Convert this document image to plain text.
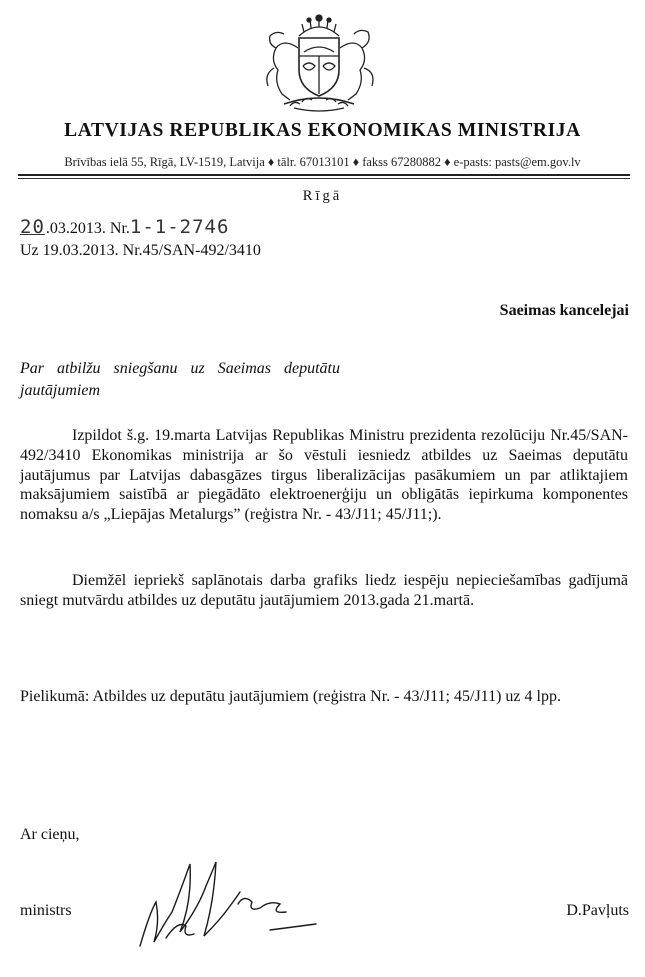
LATVIJAS REPUBLIKAS EKONOMIKAS MINISTRIJA
Brīvības ielā 55, Rīgā, LV-1519, Latvija ♦ tālr. 67013101 ♦ fakss 67280882 ♦ e-pasts: pasts@em.gov.lv
Rīgā
20 .03.2013. Nr. 1-1-2746
Uz 19.03.2013. Nr.45/SAN-492/3410
Saeimas kancelejai
Par atbilžu sniegšanu uz Saeimas deputātu jautājumiem

Izpildot š.g. 19.marta Latvijas Republikas Ministru prezidenta rezolūciju Nr.45/SAN-492/3410 Ekonomikas ministrija ar šo vēstuli iesniedz atbildes uz Saeimas deputātu jautājumus par Latvijas dabasgāzes tirgus liberalizācijas pasākumiem un par atliktajiem maksājumiem saistībā ar piegādāto elektroenerģiju un obligātās iepirkuma komponentes nomaksu a/s „Liepājas Metalurgs” (reģistra Nr. - 43/J11; 45/J11;).

Diemžēl iepriekš saplānotais darba grafiks liedz iespēju nepieciešamības gadījumā sniegt mutvārdu atbildes uz deputātu jautājumiem 2013.gada 21.martā.

Pielikumā: Atbildes uz deputātu jautājumiem (reģistra Nr. - 43/J11; 45/J11) uz 4 lpp.

Ar cieņu,
ministrs	D.Pavļuts
